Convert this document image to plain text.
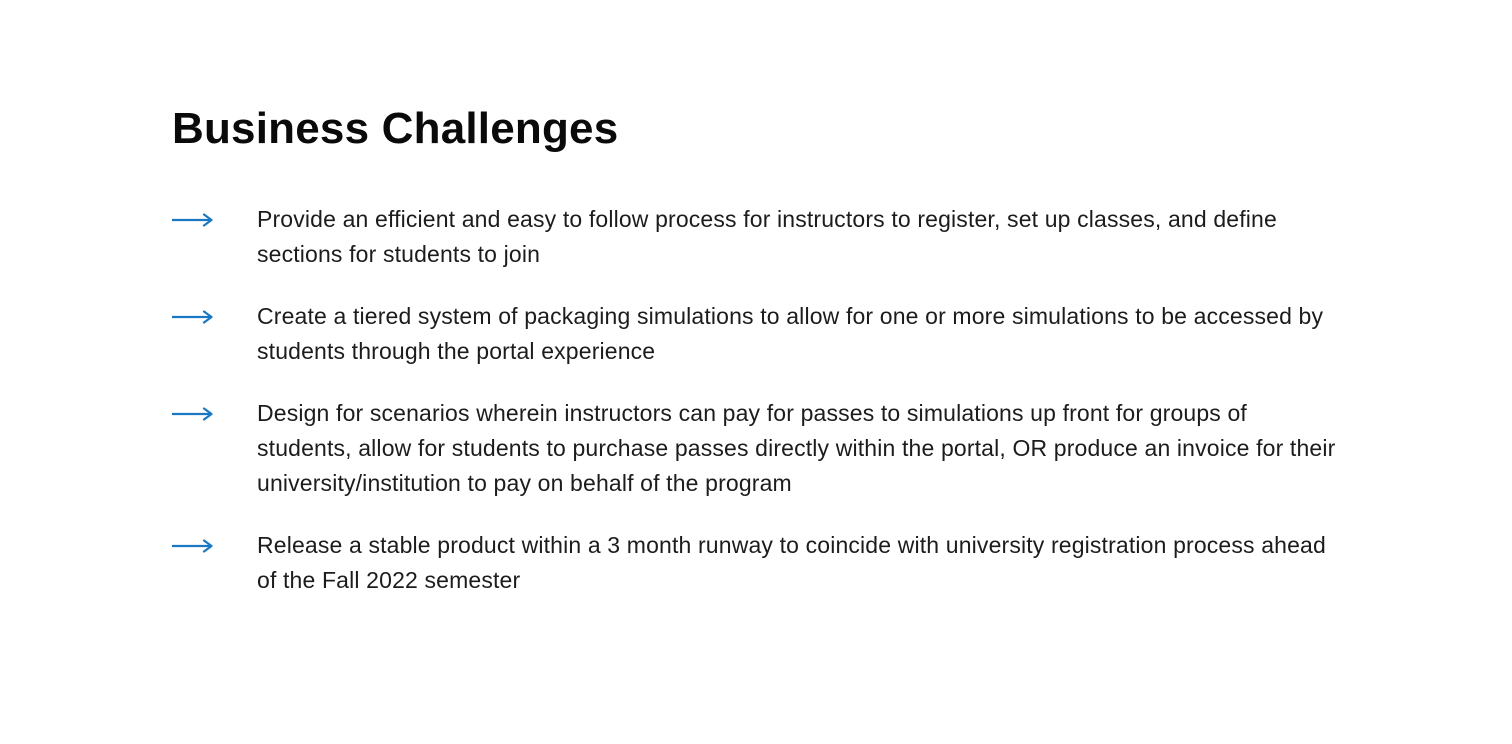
Business Challenges
Provide an efficient and easy to follow process for instructors to register, set up classes, and define sections for students to join
Create a tiered system of packaging simulations to allow for one or more simulations to be accessed by students through the portal experience
Design for scenarios wherein instructors can pay for passes to simulations up front for groups of students, allow for students to purchase passes directly within the portal, OR produce an invoice for their university/institution to pay on behalf of the program
Release a stable product within a 3 month runway to coincide with university registration process ahead of the Fall 2022 semester
